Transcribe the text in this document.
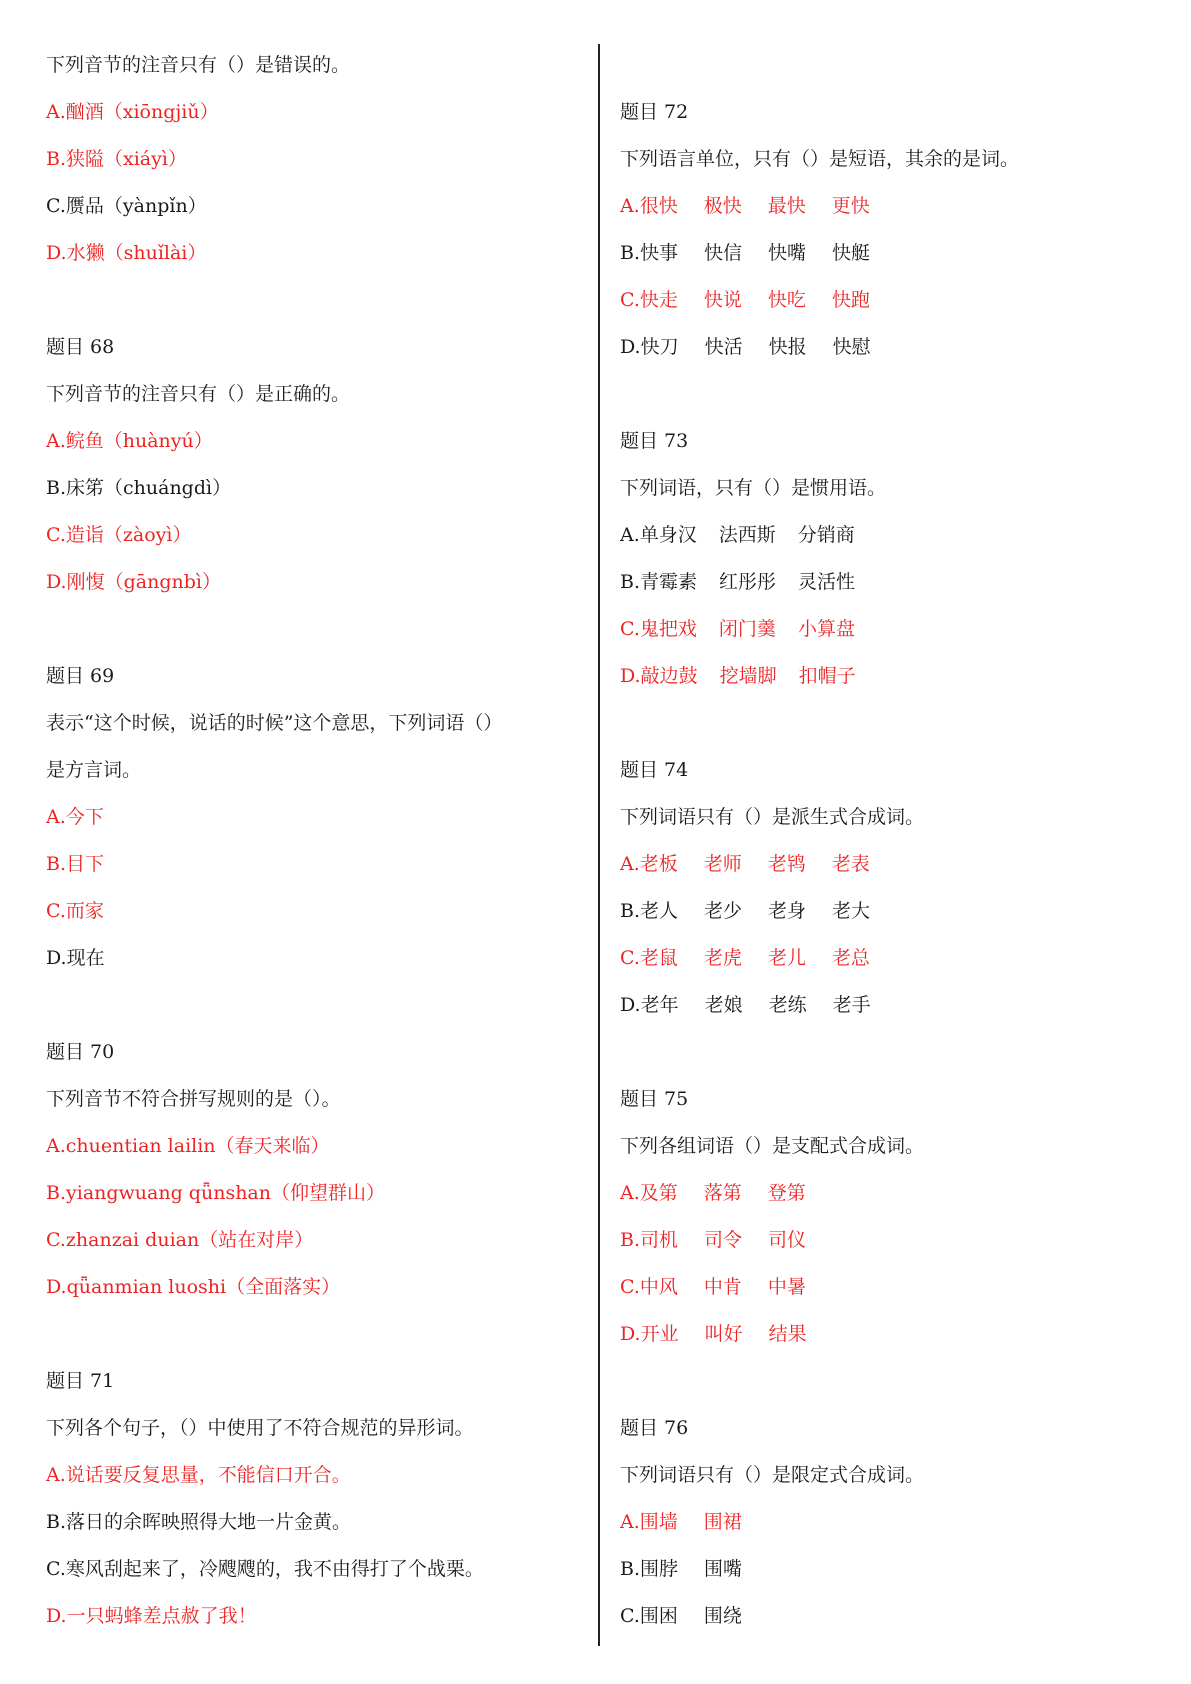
下列音节的注音只有（）是错误的。
A.酗酒（xiōngjiǔ）
B.狭隘（xiáyì）
C.赝品（yànpǐn）
D.水獭（shuǐlài）
题目 68
下列音节的注音只有（）是正确的。
A.鲩鱼（huànyú）
B.床笫（chuángdì）
C.造诣（zàoyì）
D.刚愎（gāngnbì）
题目 69
表示“这个时候，说话的时候”这个意思，下列词语（）
是方言词。
A.今下
B.目下
C.而家
D.现在
题目 70
下列音节不符合拼写规则的是（）。
A.chuentian lailin（春天来临）
B.yiangwuang qǖnshan（仰望群山）
C.zhanzai duian（站在对岸）
D.qǖanmian luoshi（全面落实）
题目 71
下列各个句子，（）中使用了不符合规范的异形词。
A.说话要反复思量，不能信口开合。
B.落日的余晖映照得大地一片金黄。
C.寒风刮起来了，冷飕飕的，我不由得打了个战栗。
D.一只蚂蜂差点赦了我！
题目 72
下列语言单位，只有（）是短语，其余的是词。
A.很快 极快 最快 更快
B.快事 快信 快嘴 快艇
C.快走 快说 快吃 快跑
D.快刀 快活 快报 快慰
题目 73
下列词语，只有（）是惯用语。
A.单身汉 法西斯 分销商
B.青霉素 红彤彤 灵活性
C.鬼把戏 闭门羹 小算盘
D.敲边鼓 挖墙脚 扣帽子
题目 74
下列词语只有（）是派生式合成词。
A.老板 老师 老鸨 老表
B.老人 老少 老身 老大
C.老鼠 老虎 老儿 老总
D.老年 老娘 老练 老手
题目 75
下列各组词语（）是支配式合成词。
A.及第 落第 登第
B.司机 司令 司仪
C.中风 中肯 中暑
D.开业 叫好 结果
题目 76
下列词语只有（）是限定式合成词。
A.围墙 围裙
B.围脖 围嘴
C.围困 围绕
